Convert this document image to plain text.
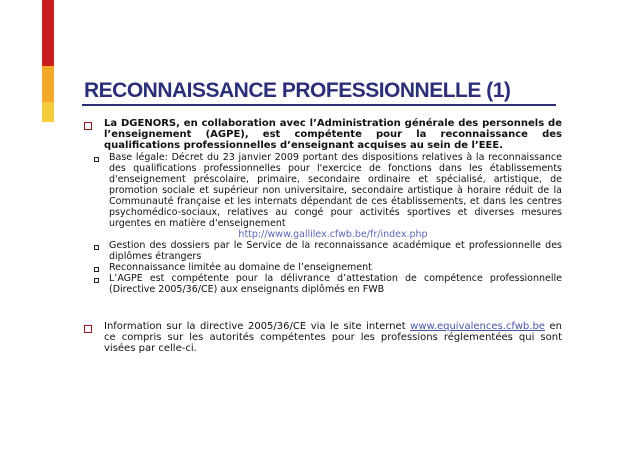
RECONNAISSANCE PROFESSIONNELLE (1)
La DGENORS, en collaboration avec l’Administration générale des personnels de l’enseignement (AGPE), est compétente pour la reconnaissance des qualifications professionnelles d’enseignant acquises au sein de l’EEE.
Base légale: Décret du 23 janvier 2009 portant des dispositions relatives à la reconnaissance des qualifications professionnelles pour l'exercice de fonctions dans les établissements d'enseignement préscolaire, primaire, secondaire ordinaire et spécialisé, artistique, de promotion sociale et supérieur non universitaire, secondaire artistique à horaire réduit de la Communauté française et les internats dépendant de ces établissements, et dans les centres psychomédico-sociaux, relatives au congé pour activités sportives et diverses mesures urgentes en matière d'enseignement
http://www.gallilex.cfwb.be/fr/index.php
Gestion des dossiers par le Service de la reconnaissance académique et professionnelle des diplômes étrangers
Reconnaissance limitée au domaine de l’enseignement
L’AGPE est compétente pour la délivrance d’attestation de compétence professionnelle (Directive 2005/36/CE) aux enseignants diplômés en FWB
Information sur la directive 2005/36/CE via le site internet www.equivalences.cfwb.be en ce compris sur les autorités compétentes pour les professions réglementées qui sont visées par celle-ci.
